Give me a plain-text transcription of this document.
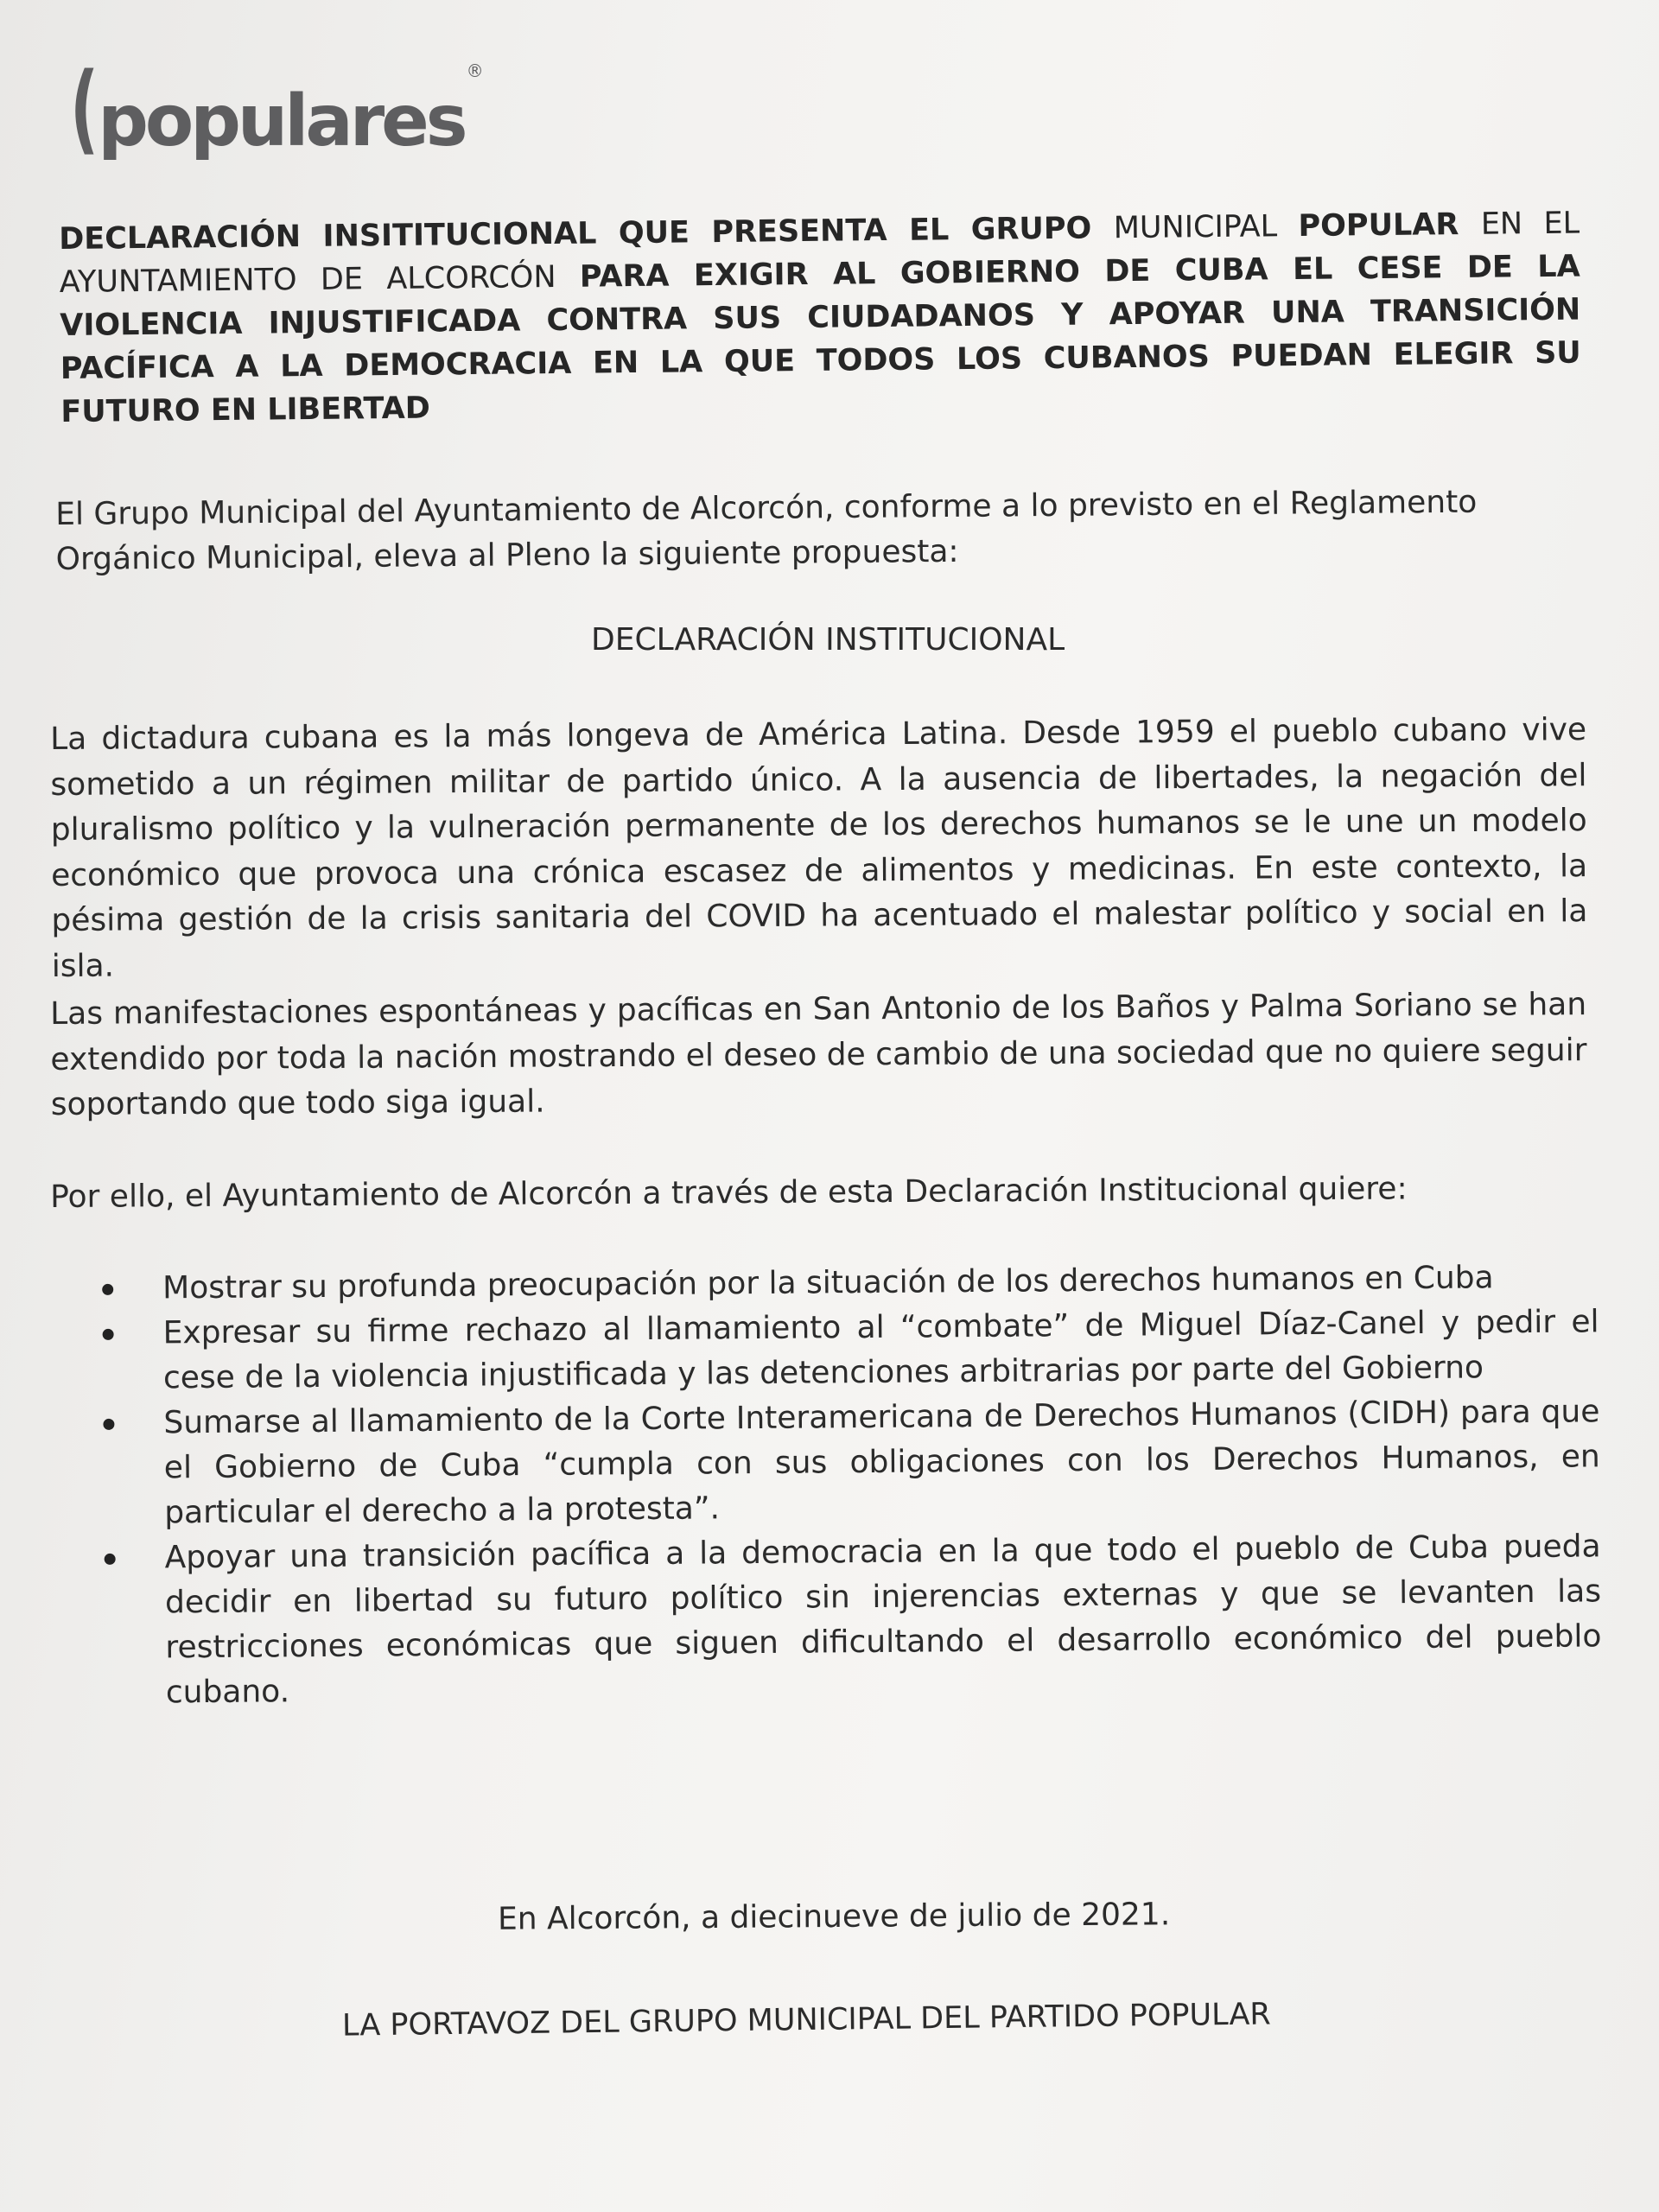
(
populares
®
DECLARACIÓN INSITITUCIONAL QUE PRESENTA EL GRUPO MUNICIPAL POPULAR EN EL AYUNTAMIENTO DE ALCORCÓN PARA EXIGIR AL GOBIERNO DE CUBA EL CESE DE LA VIOLENCIA INJUSTIFICADA CONTRA SUS CIUDADANOS Y APOYAR UNA TRANSICIÓN PACÍFICA A LA DEMOCRACIA EN LA QUE TODOS LOS CUBANOS PUEDAN ELEGIR SU FUTURO EN LIBERTAD
El Grupo Municipal del Ayuntamiento de Alcorcón, conforme a lo previsto en el Reglamento Orgánico Municipal, eleva al Pleno la siguiente propuesta:
DECLARACIÓN INSTITUCIONAL
La dictadura cubana es la más longeva de América Latina. Desde 1959 el pueblo cubano vive sometido a un régimen militar de partido único. A la ausencia de libertades, la negación del pluralismo político y la vulneración permanente de los derechos humanos se le une un modelo económico que provoca una crónica escasez de alimentos y medicinas. En este contexto, la pésima gestión de la crisis sanitaria del COVID ha acentuado el malestar político y social en la isla.
Las manifestaciones espontáneas y pacíficas en San Antonio de los Baños y Palma Soriano se han extendido por toda la nación mostrando el deseo de cambio de una sociedad que no quiere seguir soportando que todo siga igual.
Por ello, el Ayuntamiento de Alcorcón a través de esta Declaración Institucional quiere:
Mostrar su profunda preocupación por la situación de los derechos humanos en Cuba
Expresar su firme rechazo al llamamiento al “combate” de Miguel Díaz-Canel y pedir el cese de la violencia injustificada y las detenciones arbitrarias por parte del Gobierno
Sumarse al llamamiento de la Corte Interamericana de Derechos Humanos (CIDH) para que el Gobierno de Cuba “cumpla con sus obligaciones con los Derechos Humanos, en particular el derecho a la protesta”.
Apoyar una transición pacífica a la democracia en la que todo el pueblo de Cuba pueda decidir en libertad su futuro político sin injerencias externas y que se levanten las restricciones económicas que siguen dificultando el desarrollo económico del pueblo cubano.
En Alcorcón, a diecinueve de julio de 2021.
LA PORTAVOZ DEL GRUPO MUNICIPAL DEL PARTIDO POPULAR
